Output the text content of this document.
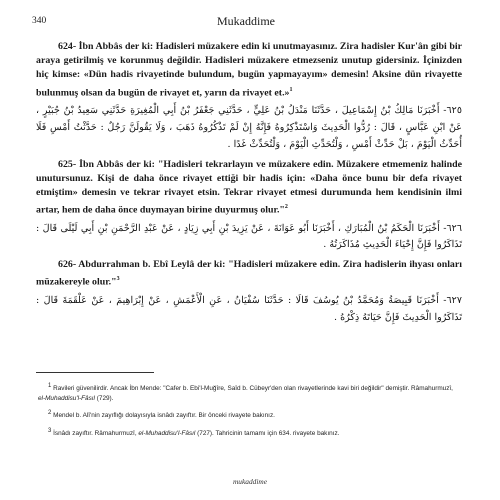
340	Mukaddime

624- İbn Abbâs der ki: Hadisleri müzakere edin ki unutmayasınız. Zira hadisler Kur'ân gibi bir araya getirilmiş ve korunmuş değildir. Hadisleri müzakere etmezseniz unutup gidersiniz. İçinizden hiç kimse: «Dün hadis rivayetinde bulundum, bugün yapmayayım» demesin! Aksine dün rivayette bulunmuş olsan da bugün de rivayet et, yarın da rivayet et.»$^1$

٦٢٥- أَخْبَرَنَا مَالِكُ بْنُ إِسْمَاعِيلَ ، حَدَّثَنَا مَنْدَلُ بْنُ عَلِيٍّ ، حَدَّثَنِي جَعْفَرُ بْنُ أَبِي الْمُغِيرَةِ حَدَّثَنِي سَعِيدُ بْنُ جُبَيْرٍ ، عَنْ ابْنِ عَبَّاسٍ ، قَالَ : رُدُّوا الْحَدِيثَ وَاسْتَذْكِرُوهُ فَإِنَّهُ إِنْ لَمْ تَذْكُرُوهُ ذَهَبَ ، وَلَا يَقُولَنَّ رَجُلٌ : حَدَّثْتُ أَمْسِ فَلَا أُحَدِّثُ الْيَوْمَ ، بَلْ حَدِّثْ أَمْسِ ، وَلْتُحَدِّثِ الْيَوْمَ ، وَلْتُحَدِّثْ غَدًا .

625- İbn Abbâs der ki: "Hadisleri tekrarlayın ve müzakere edin. Müzakere etmemeniz halinde unutursunuz. Kişi de daha önce rivayet ettiği bir hadis için: «Daha önce bunu bir defa rivayet etmiştim» demesin ve tekrar rivayet etsin. Tekrar rivayet etmesi durumunda hem kendisinin ilmi artar, hem de daha önce duymayan birine duyurmuş olur."$^2$

٦٢٦- أَخْبَرَنَا الْحَكَمُ بْنُ الْمُبَارَكِ ، أَخْبَرَنَا أَبُو عَوَانَةَ ، عَنْ يَزِيدَ بْنِ أَبِي زِيَادٍ ، عَنْ عَبْدِ الرَّحْمَنِ بْنِ أَبِي لَيْلَى قَالَ : تَذَاكَرُوا فَإِنَّ إِحْيَاءَ الْحَدِيثِ مُذَاكَرَتُهُ .

626- Abdurrahman b. Ebî Leylâ der ki: "Hadisleri müzakere edin. Zira hadislerin ihyası onları müzakereyle olur."$^3$

٦٢٧- أَخْبَرَنَا قَبِيصَةُ وَمُحَمَّدُ بْنُ يُوسُفَ قَالَا : حَدَّثَنَا سُفْيَانُ ، عَنِ الْأَعْمَشِ ، عَنْ إِبْرَاهِيمَ ، عَنْ عَلْقَمَةَ قَالَ : تَذَاكَرُوا الْحَدِيثَ فَإِنَّ حَيَاتَهُ ذِكْرُهُ .

$^1$ Ravileri güvenilirdir. Ancak İbn Mende: "Cafer b. Ebi'l-Muğîre, Saîd b. Cübeyr'den olan rivayetlerinde kavi biri değildir" demiştir. Râmahurmuzî, el-Muhaddisu'l-Fâsıl (729).

$^2$ Mendel b. Alî'nin zayıflığı dolayısıyla isnâdı zayıftır. Bir önceki rivayete bakınız.

$^3$ İsnâdı zayıftır. Râmahurmuzî, el-Muhaddisu'l-Fâsıl (727). Tahricinin tamamı için 634. rivayete bakınız.

mukaddime
